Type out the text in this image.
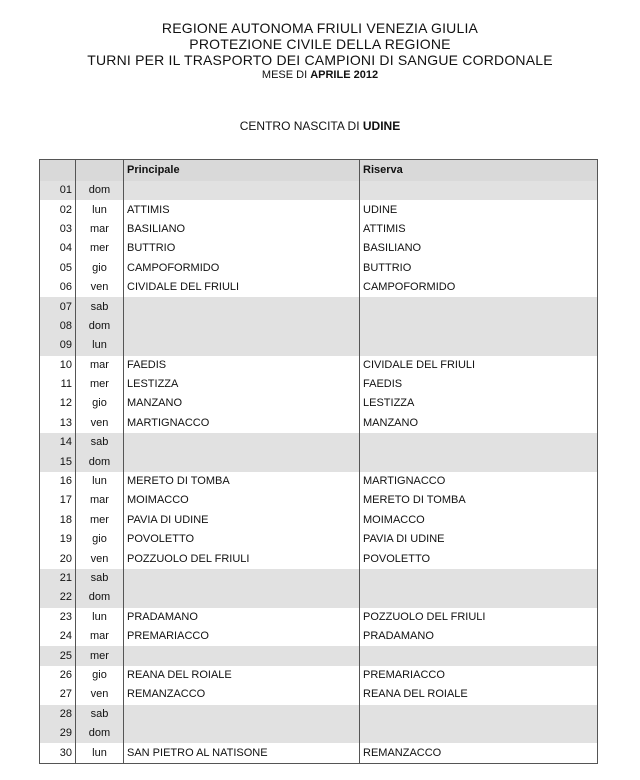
REGIONE AUTONOMA FRIULI VENEZIA GIULIA
PROTEZIONE CIVILE DELLA REGIONE
TURNI PER IL TRASPORTO DEI CAMPIONI DI SANGUE CORDONALE
MESE DI APRILE 2012
CENTRO NASCITA DI UDINE
		Principale	Riserva
01	dom		
02	lun	ATTIMIS	UDINE
03	mar	BASILIANO	ATTIMIS
04	mer	BUTTRIO	BASILIANO
05	gio	CAMPOFORMIDO	BUTTRIO
06	ven	CIVIDALE DEL FRIULI	CAMPOFORMIDO
07	sab		
08	dom		
09	lun		
10	mar	FAEDIS	CIVIDALE DEL FRIULI
11	mer	LESTIZZA	FAEDIS
12	gio	MANZANO	LESTIZZA
13	ven	MARTIGNACCO	MANZANO
14	sab		
15	dom		
16	lun	MERETO DI TOMBA	MARTIGNACCO
17	mar	MOIMACCO	MERETO DI TOMBA
18	mer	PAVIA DI UDINE	MOIMACCO
19	gio	POVOLETTO	PAVIA DI UDINE
20	ven	POZZUOLO DEL FRIULI	POVOLETTO
21	sab		
22	dom		
23	lun	PRADAMANO	POZZUOLO DEL FRIULI
24	mar	PREMARIACCO	PRADAMANO
25	mer		
26	gio	REANA DEL ROIALE	PREMARIACCO
27	ven	REMANZACCO	REANA DEL ROIALE
28	sab		
29	dom		
30	lun	SAN PIETRO AL NATISONE	REMANZACCO
